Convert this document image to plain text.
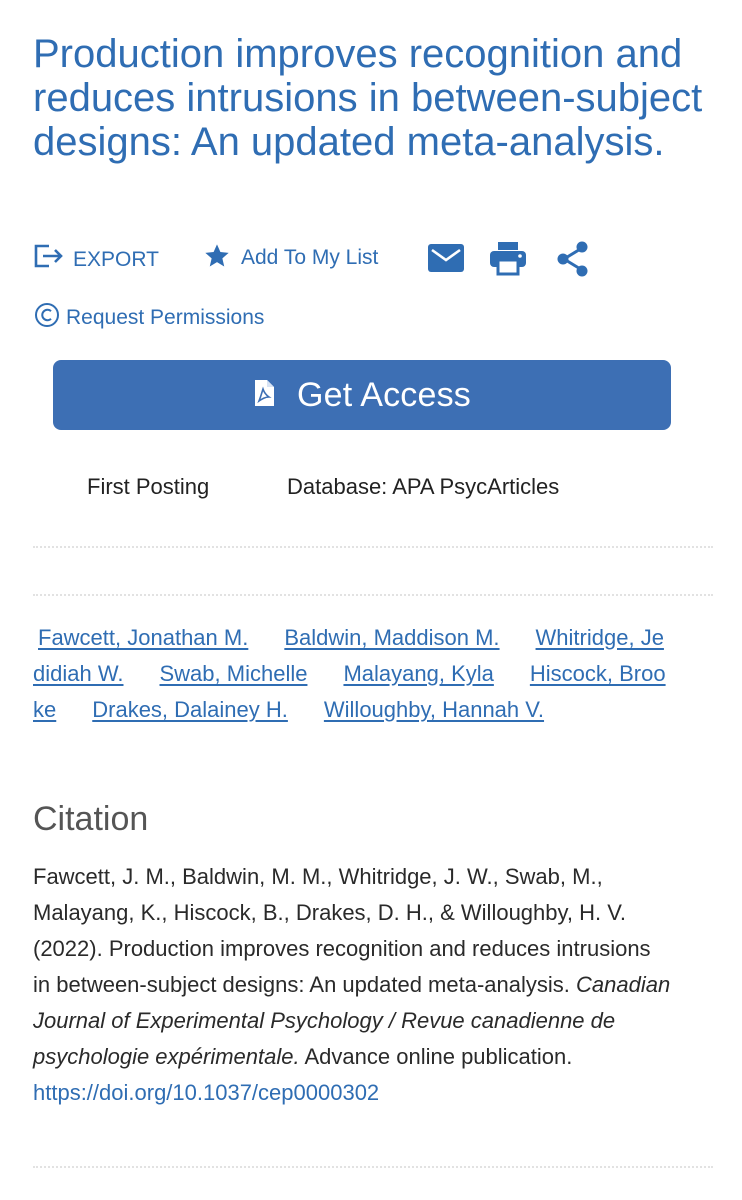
Production improves recognition and reduces intrusions in between-subject designs: An updated meta-analysis.
EXPORT	Add To My List
Request Permissions
Get Access
First Posting	Database: APA PsycArticles
Fawcett, Jonathan M. Baldwin, Maddison M. Whitridge, Jedidiah W. Swab, Michelle Malayang, Kyla Hiscock, Brooke Drakes, Dalainey H. Willoughby, Hannah V.
Citation
Fawcett, J. M., Baldwin, M. M., Whitridge, J. W., Swab, M., Malayang, K., Hiscock, B., Drakes, D. H., & Willoughby, H. V. (2022). Production improves recognition and reduces intrusions in between-subject designs: An updated meta-analysis. Canadian Journal of Experimental Psychology / Revue canadienne de psychologie expérimentale. Advance online publication.
https://doi.org/10.1037/cep0000302
